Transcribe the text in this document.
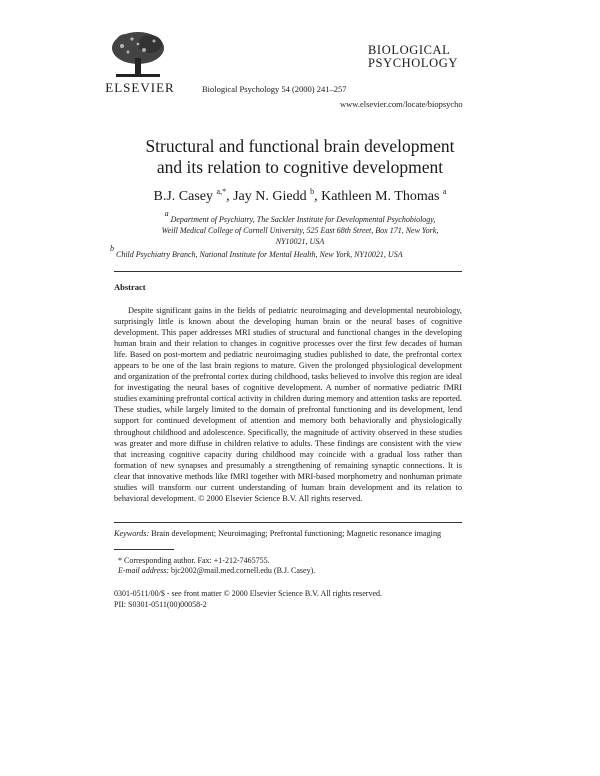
ELSEVIER
BIOLOGICAL
PSYCHOLOGY
Biological Psychology 54 (2000) 241–257
www.elsevier.com/locate/biopsycho
Structural and functional brain development
and its relation to cognitive development
B.J. Casey $^{a,*}$, Jay N. Giedd $^b$, Kathleen M. Thomas $^a$
$^a$ Department of Psychiatry, The Sackler Institute for Developmental Psychobiology,
Weill Medical College of Cornell University, 525 East 68th Street, Box 171, New York,
NY10021, USA
$^b$ Child Psychiatry Branch, National Institute for Mental Health, New York, NY10021, USA
Abstract
Despite significant gains in the fields of pediatric neuroimaging and developmental neurobiology, surprisingly little is known about the developing human brain or the neural bases of cognitive development. This paper addresses MRI studies of structural and functional changes in the developing human brain and their relation to changes in cognitive processes over the first few decades of human life. Based on post-mortem and pediatric neuroimaging studies published to date, the prefrontal cortex appears to be one of the last brain regions to mature. Given the prolonged physiological development and organization of the prefrontal cortex during childhood, tasks believed to involve this region are ideal for investigating the neural bases of cognitive development. A number of normative pediatric fMRI studies examining prefrontal cortical activity in children during memory and attention tasks are reported. These studies, while largely limited to the domain of prefrontal functioning and its development, lend support for continued development of attention and memory both behaviorally and physiologically throughout childhood and adolescence. Specifically, the magnitude of activity observed in these studies was greater and more diffuse in children relative to adults. These findings are consistent with the view that increasing cognitive capacity during childhood may coincide with a gradual loss rather than formation of new synapses and presumably a strengthening of remaining synaptic connections. It is clear that innovative methods like fMRI together with MRI-based morphometry and nonhuman primate studies will transform our current understanding of human brain development and its relation to behavioral development. © 2000 Elsevier Science B.V. All rights reserved.
Keywords: Brain development; Neuroimaging; Prefrontal functioning; Magnetic resonance imaging
* Corresponding author. Fax: +1-212-7465755.
E-mail address: bjc2002@mail.med.cornell.edu (B.J. Casey).
0301-0511/00/$ - see front matter © 2000 Elsevier Science B.V. All rights reserved.
PII: S0301-0511(00)00058-2
